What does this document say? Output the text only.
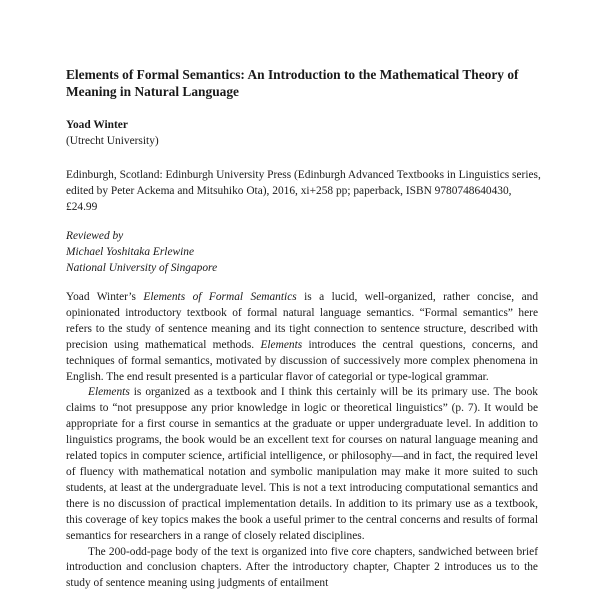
Elements of Formal Semantics: An Introduction to the Mathematical Theory of Meaning in Natural Language
Yoad Winter
(Utrecht University)
Edinburgh, Scotland: Edinburgh University Press (Edinburgh Advanced Textbooks in Linguistics series, edited by Peter Ackema and Mitsuhiko Ota), 2016, xi+258 pp; paperback, ISBN 9780748640430, £24.99
Reviewed by
Michael Yoshitaka Erlewine
National University of Singapore

Yoad Winter’s Elements of Formal Semantics is a lucid, well-organized, rather concise, and opinionated introductory textbook of formal natural language semantics. “Formal semantics” here refers to the study of sentence meaning and its tight connection to sentence structure, described with precision using mathematical methods. Elements introduces the central questions, concerns, and techniques of formal semantics, motivated by discussion of successively more complex phenomena in English. The end result presented is a particular flavor of categorial or type-logical grammar.

Elements is organized as a textbook and I think this certainly will be its primary use. The book claims to “not presuppose any prior knowledge in logic or theoretical linguistics” (p. 7). It would be appropriate for a first course in semantics at the graduate or upper undergraduate level. In addition to linguistics programs, the book would be an excellent text for courses on natural language meaning and related topics in computer science, artificial intelligence, or philosophy—and in fact, the required level of fluency with mathematical notation and symbolic manipulation may make it more suited to such students, at least at the undergraduate level. This is not a text introducing computational semantics and there is no discussion of practical implementation details. In addition to its primary use as a textbook, this coverage of key topics makes the book a useful primer to the central concerns and results of formal semantics for researchers in a range of closely related disciplines.

The 200-odd-page body of the text is organized into five core chapters, sandwiched between brief introduction and conclusion chapters. After the introductory chapter, Chapter 2 introduces us to the study of sentence meaning using judgments of entailment
